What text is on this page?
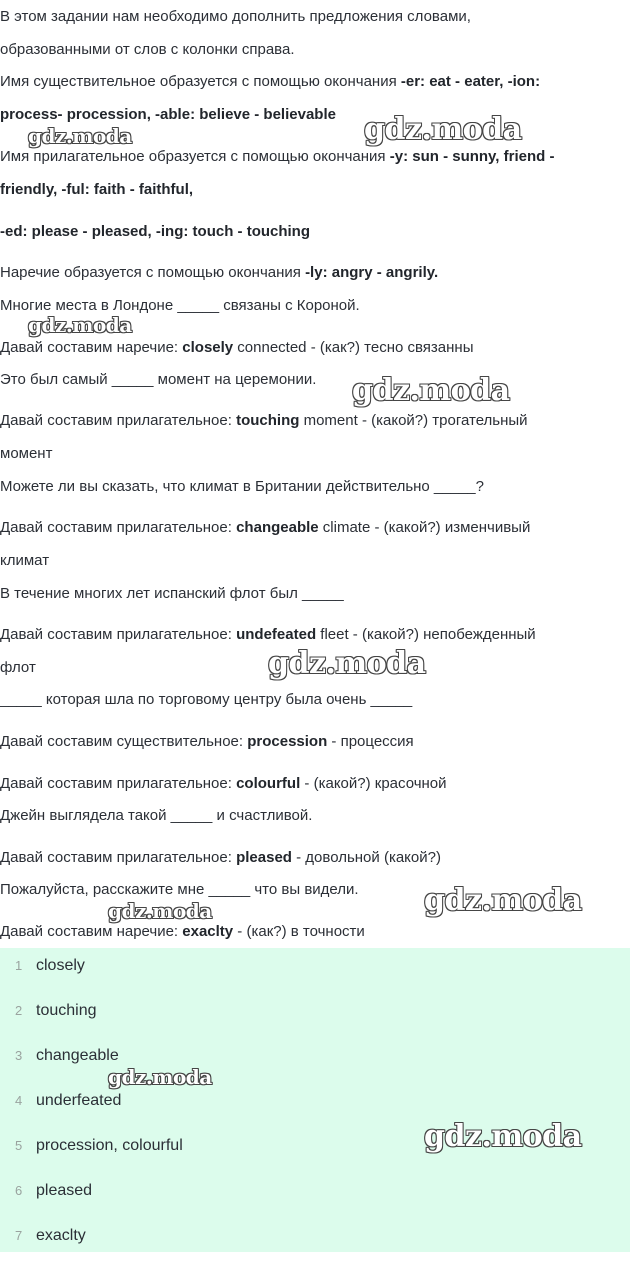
В этом задании нам необходимо дополнить предложения словами,

образованными от слов с колонки справа.

Имя существительное образуется с помощью окончания -er: eat - eater, -ion:

process- procession, -able: believe - believable

Имя прилагательное образуется с помощью окончания -y: sun - sunny, friend -

friendly, -ful: faith - faithful,

-ed: please - pleased, -ing: touch - touching

Наречие образуется с помощью окончания -ly: angry - angrily.

Многие места в Лондоне _____ связаны с Короной.

Давай составим наречие: closely connected - (как?) тесно связанны

Это был самый _____ момент на церемонии.

Давай составим прилагательное: touching moment - (какой?) трогательный

момент

Можете ли вы сказать, что климат в Британии действительно _____?

Давай составим прилагательное: changeable climate - (какой?) изменчивый

климат

В течение многих лет испанский флот был _____

Давай составим прилагательное: undefeated fleet - (какой?) непобежденный

флот

_____ которая шла по торговому центру была очень _____

Давай составим существительное: procession - процессия

Давай составим прилагательное: colourful - (какой?) красочной

Джейн выглядела такой _____ и счастливой.

Давай составим прилагательное: pleased - довольной (какой?)

Пожалуйста, расскажите мне _____ что вы видели.

Давай составим наречие: exaclty - (как?) в точности

1 closely
2 touching
3 changeable
4 underfeated
5 procession, colourful
6 pleased
7 exaclty
gdz.moda	gdz.moda
gdz.moda
gdz.moda
gdz.moda
gdz.moda	gdz.moda
gdz.moda
gdz.moda
